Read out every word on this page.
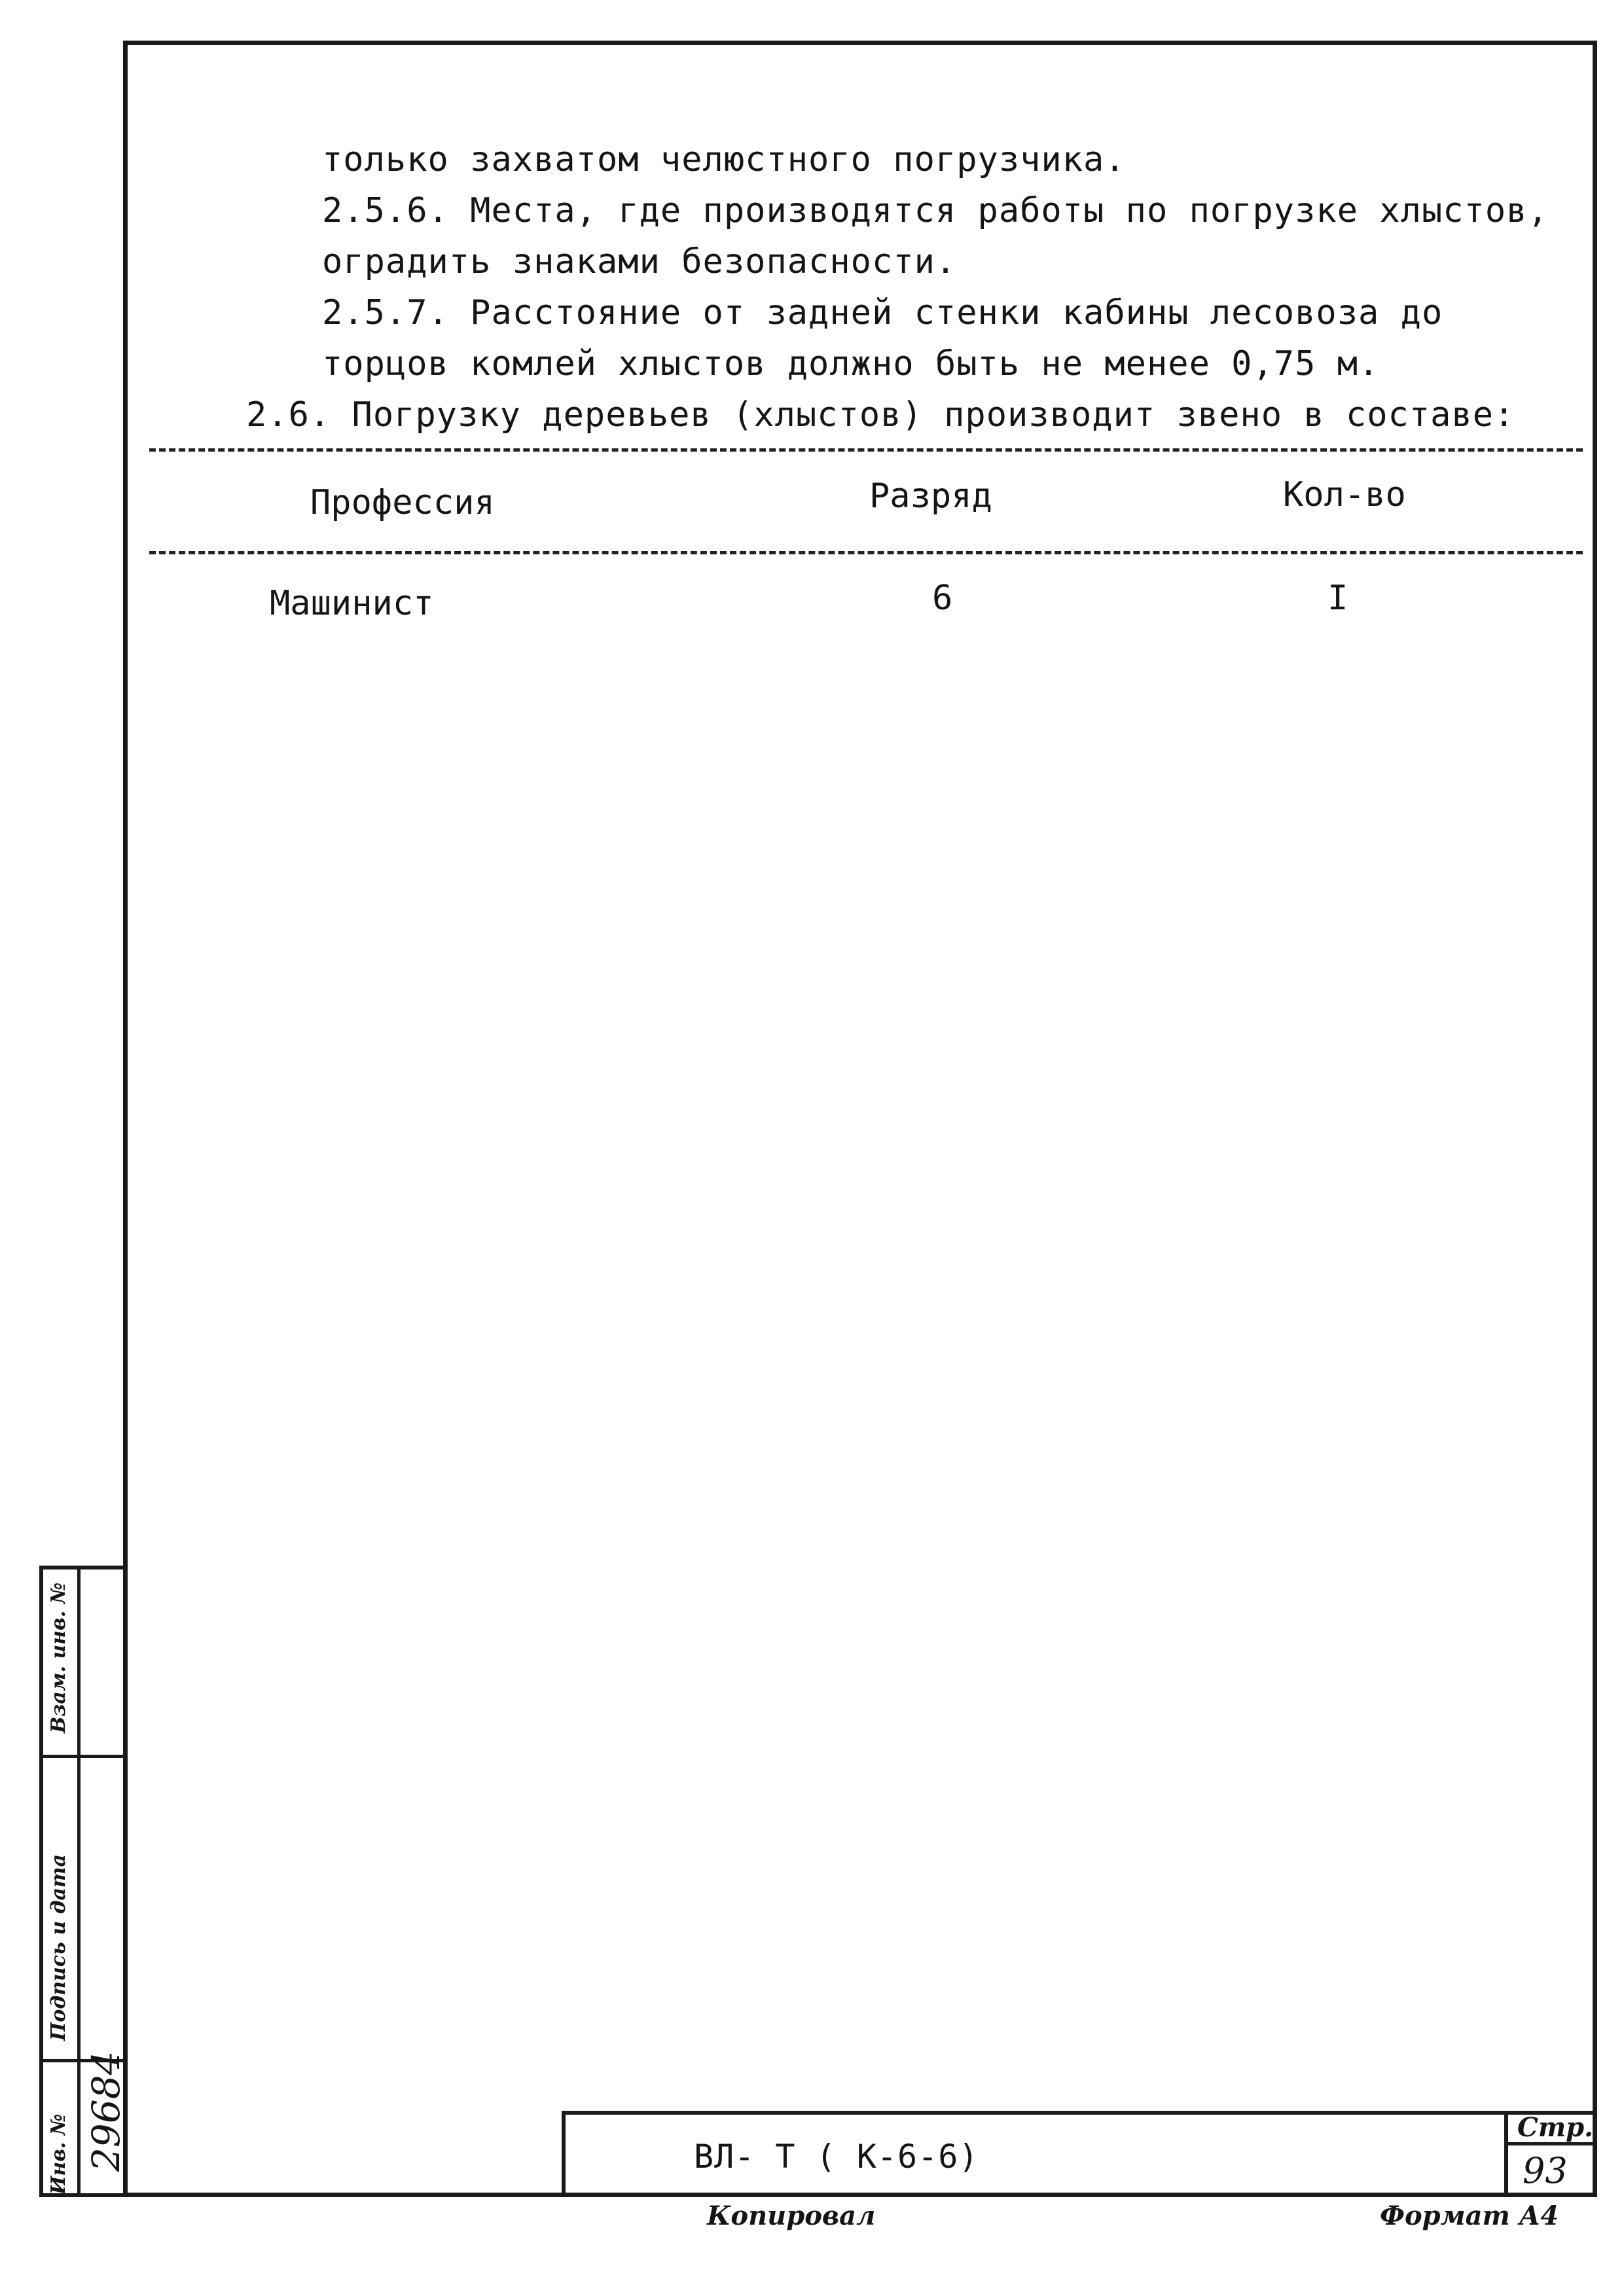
только захватом челюстного погрузчика.
2.5.6. Места, где производятся работы по погрузке хлыстов,
оградить знаками безопасности.
2.5.7. Расстояние от задней стенки кабины лесовоза до
торцов комлей хлыстов должно быть не менее 0,75 м.
2.6. Погрузку деревьев (хлыстов) производит звено в составе:
Профессия	Разряд	Кол-во
Машинист	6	I
Взам. инв. №
Подпись и дата
Инв. № 29684	ВЛ- Т ( К-6-6)
Стр.
93
Копировал	Формат А4
